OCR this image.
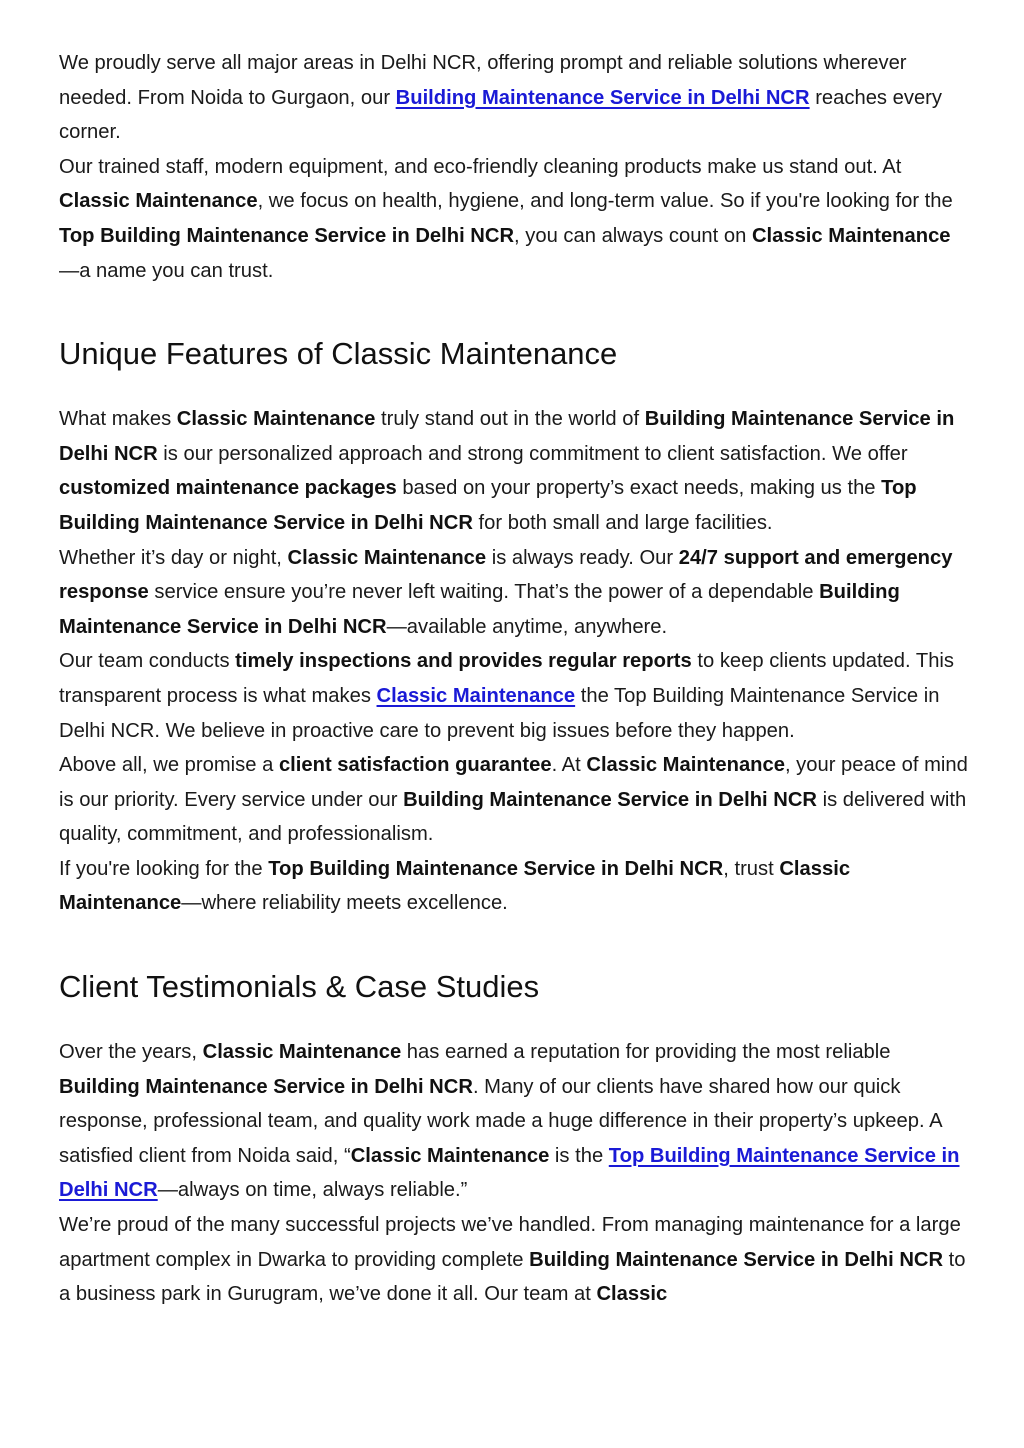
We proudly serve all major areas in Delhi NCR, offering prompt and reliable solutions wherever needed. From Noida to Gurgaon, our Building Maintenance Service in Delhi NCR reaches every corner.

Our trained staff, modern equipment, and eco-friendly cleaning products make us stand out. At Classic Maintenance, we focus on health, hygiene, and long-term value. So if you're looking for the Top Building Maintenance Service in Delhi NCR, you can always count on Classic Maintenance—a name you can trust.

Unique Features of Classic Maintenance

What makes Classic Maintenance truly stand out in the world of Building Maintenance Service in Delhi NCR is our personalized approach and strong commitment to client satisfaction. We offer customized maintenance packages based on your property’s exact needs, making us the Top Building Maintenance Service in Delhi NCR for both small and large facilities.

Whether it’s day or night, Classic Maintenance is always ready. Our 24/7 support and emergency response service ensure you’re never left waiting. That’s the power of a dependable Building Maintenance Service in Delhi NCR—available anytime, anywhere.

Our team conducts timely inspections and provides regular reports to keep clients updated. This transparent process is what makes Classic Maintenance the Top Building Maintenance Service in Delhi NCR. We believe in proactive care to prevent big issues before they happen.

Above all, we promise a client satisfaction guarantee. At Classic Maintenance, your peace of mind is our priority. Every service under our Building Maintenance Service in Delhi NCR is delivered with quality, commitment, and professionalism.

If you're looking for the Top Building Maintenance Service in Delhi NCR, trust Classic Maintenance—where reliability meets excellence.

Client Testimonials & Case Studies

Over the years, Classic Maintenance has earned a reputation for providing the most reliable Building Maintenance Service in Delhi NCR. Many of our clients have shared how our quick response, professional team, and quality work made a huge difference in their property’s upkeep. A satisfied client from Noida said, “Classic Maintenance is the Top Building Maintenance Service in Delhi NCR—always on time, always reliable.”

We’re proud of the many successful projects we’ve handled. From managing maintenance for a large apartment complex in Dwarka to providing complete Building Maintenance Service in Delhi NCR to a business park in Gurugram, we’ve done it all. Our team at Classic
